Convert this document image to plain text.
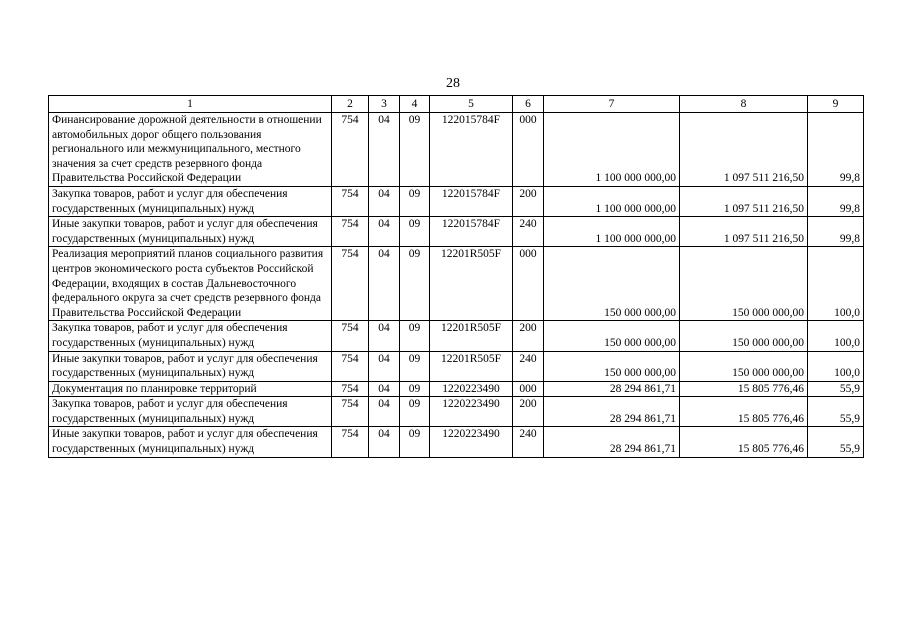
28
1	2	3	4	5	6	7	8	9
Финансирование дорожной деятельности в отношении автомобильных дорог общего пользования регионального или межмуниципального, местного значения за счет средств резервного фонда Правительства Российской Федерации	754	04	09	122015784F	000	1 100 000 000,00	1 097 511 216,50	99,8
Закупка товаров, работ и услуг для обеспечения государственных (муниципальных) нужд	754	04	09	122015784F	200	1 100 000 000,00	1 097 511 216,50	99,8
Иные закупки товаров, работ и услуг для обеспечения государственных (муниципальных) нужд	754	04	09	122015784F	240	1 100 000 000,00	1 097 511 216,50	99,8
Реализация мероприятий планов социального развития центров экономического роста субъектов Российской Федерации, входящих в состав Дальневосточного федерального округа за счет средств резервного фонда Правительства Российской Федерации	754	04	09	12201R505F	000	150 000 000,00	150 000 000,00	100,0
Закупка товаров, работ и услуг для обеспечения государственных (муниципальных) нужд	754	04	09	12201R505F	200	150 000 000,00	150 000 000,00	100,0
Иные закупки товаров, работ и услуг для обеспечения государственных (муниципальных) нужд	754	04	09	12201R505F	240	150 000 000,00	150 000 000,00	100,0
Документация по планировке территорий	754	04	09	1220223490	000	28 294 861,71	15 805 776,46	55,9
Закупка товаров, работ и услуг для обеспечения государственных (муниципальных) нужд	754	04	09	1220223490	200	28 294 861,71	15 805 776,46	55,9
Иные закупки товаров, работ и услуг для обеспечения государственных (муниципальных) нужд	754	04	09	1220223490	240	28 294 861,71	15 805 776,46	55,9
